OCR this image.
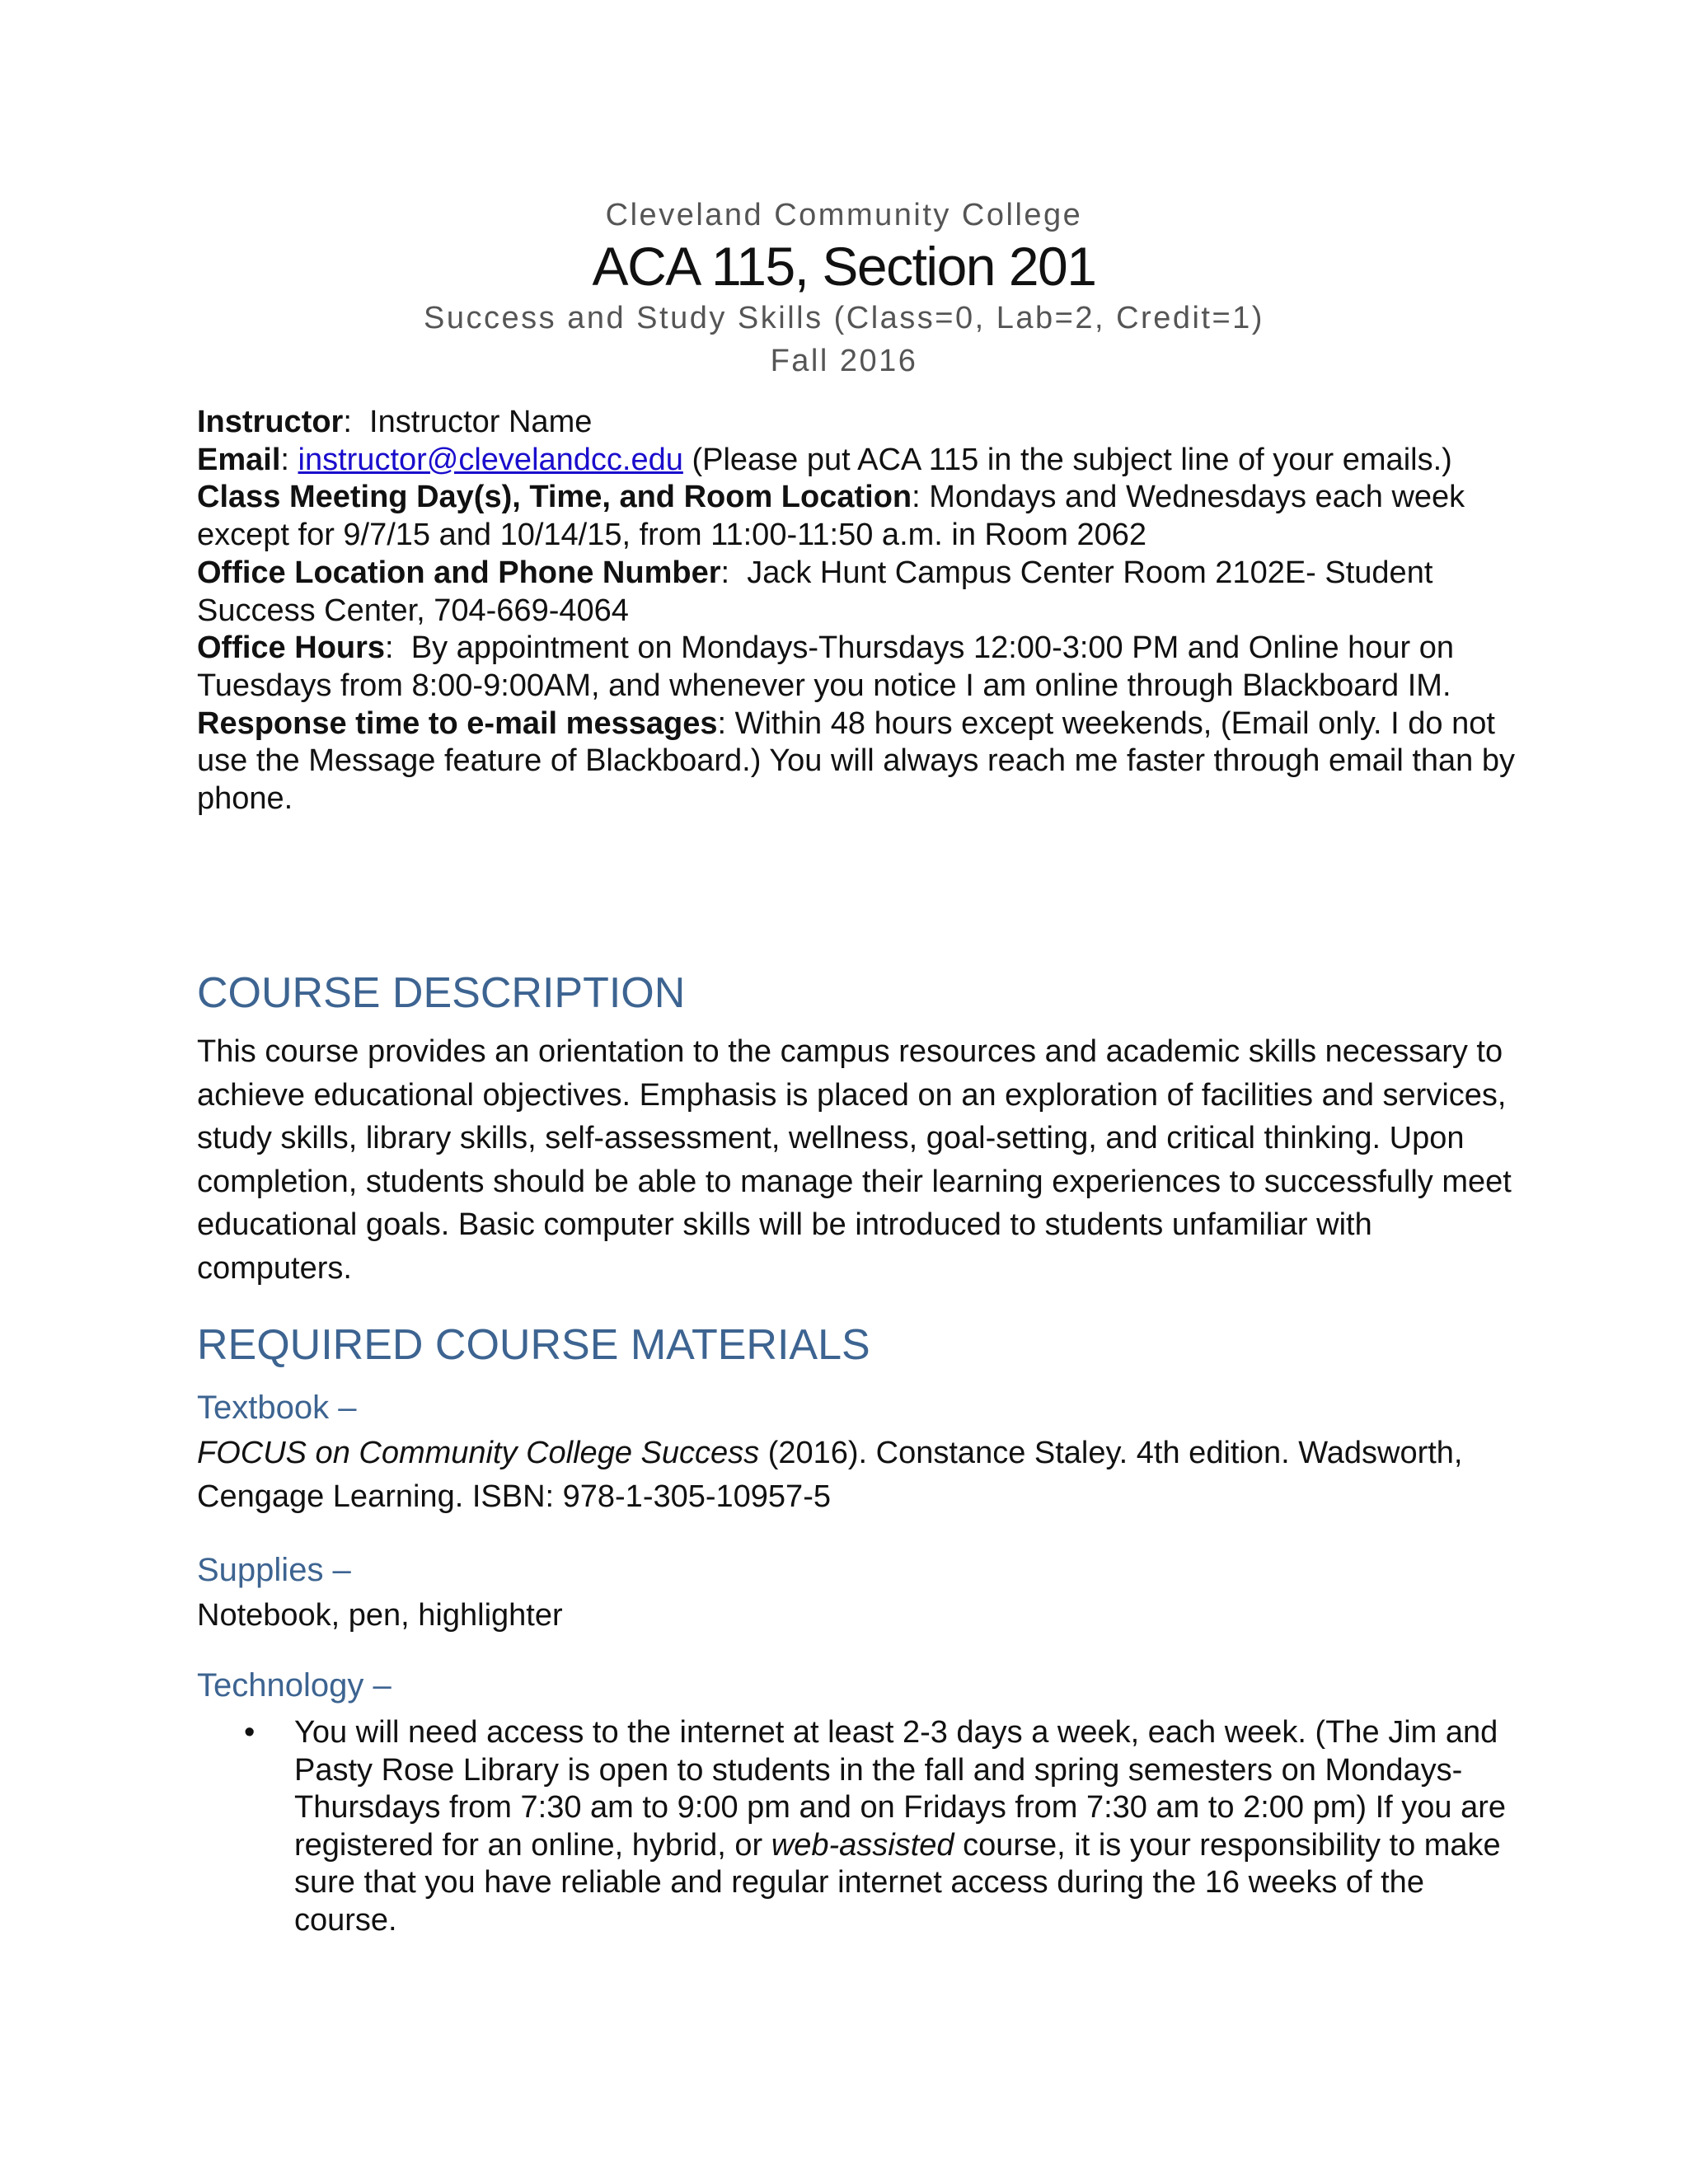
Cleveland Community College
ACA 115, Section 201
Success and Study Skills (Class=0, Lab=2, Credit=1)
Fall 2016

Instructor:  Instructor Name

Email: instructor@clevelandcc.edu (Please put ACA 115 in the subject line of your emails.)

Class Meeting Day(s), Time, and Room Location: Mondays and Wednesdays each week except for 9/7/15 and 10/14/15, from 11:00-11:50 a.m. in Room 2062

Office Location and Phone Number:  Jack Hunt Campus Center Room 2102E- Student Success Center, 704-669-4064

Office Hours:  By appointment on Mondays-Thursdays 12:00-3:00 PM and Online hour on Tuesdays from 8:00-9:00AM, and whenever you notice I am online through Blackboard IM.

Response time to e-mail messages: Within 48 hours except weekends, (Email only. I do not use the Message feature of Blackboard.) You will always reach me faster through email than by phone.

COURSE DESCRIPTION

This course provides an orientation to the campus resources and academic skills necessary to achieve educational objectives. Emphasis is placed on an exploration of facilities and services, study skills, library skills, self-assessment, wellness, goal-setting, and critical thinking. Upon completion, students should be able to manage their learning experiences to successfully meet educational goals. Basic computer skills will be introduced to students unfamiliar with computers.

REQUIRED COURSE MATERIALS
Textbook –

FOCUS on Community College Success (2016). Constance Staley. 4th edition. Wadsworth, Cengage Learning. ISBN: 978-1-305-10957-5

Supplies –

Notebook, pen, highlighter

Technology –
• You will need access to the internet at least 2-3 days a week, each week. (The Jim and Pasty Rose Library is open to students in the fall and spring semesters on Mondays-Thursdays from 7:30 am to 9:00 pm and on Fridays from 7:30 am to 2:00 pm) If you are registered for an online, hybrid, or web-assisted course, it is your responsibility to make sure that you have reliable and regular internet access during the 16 weeks of the course.
